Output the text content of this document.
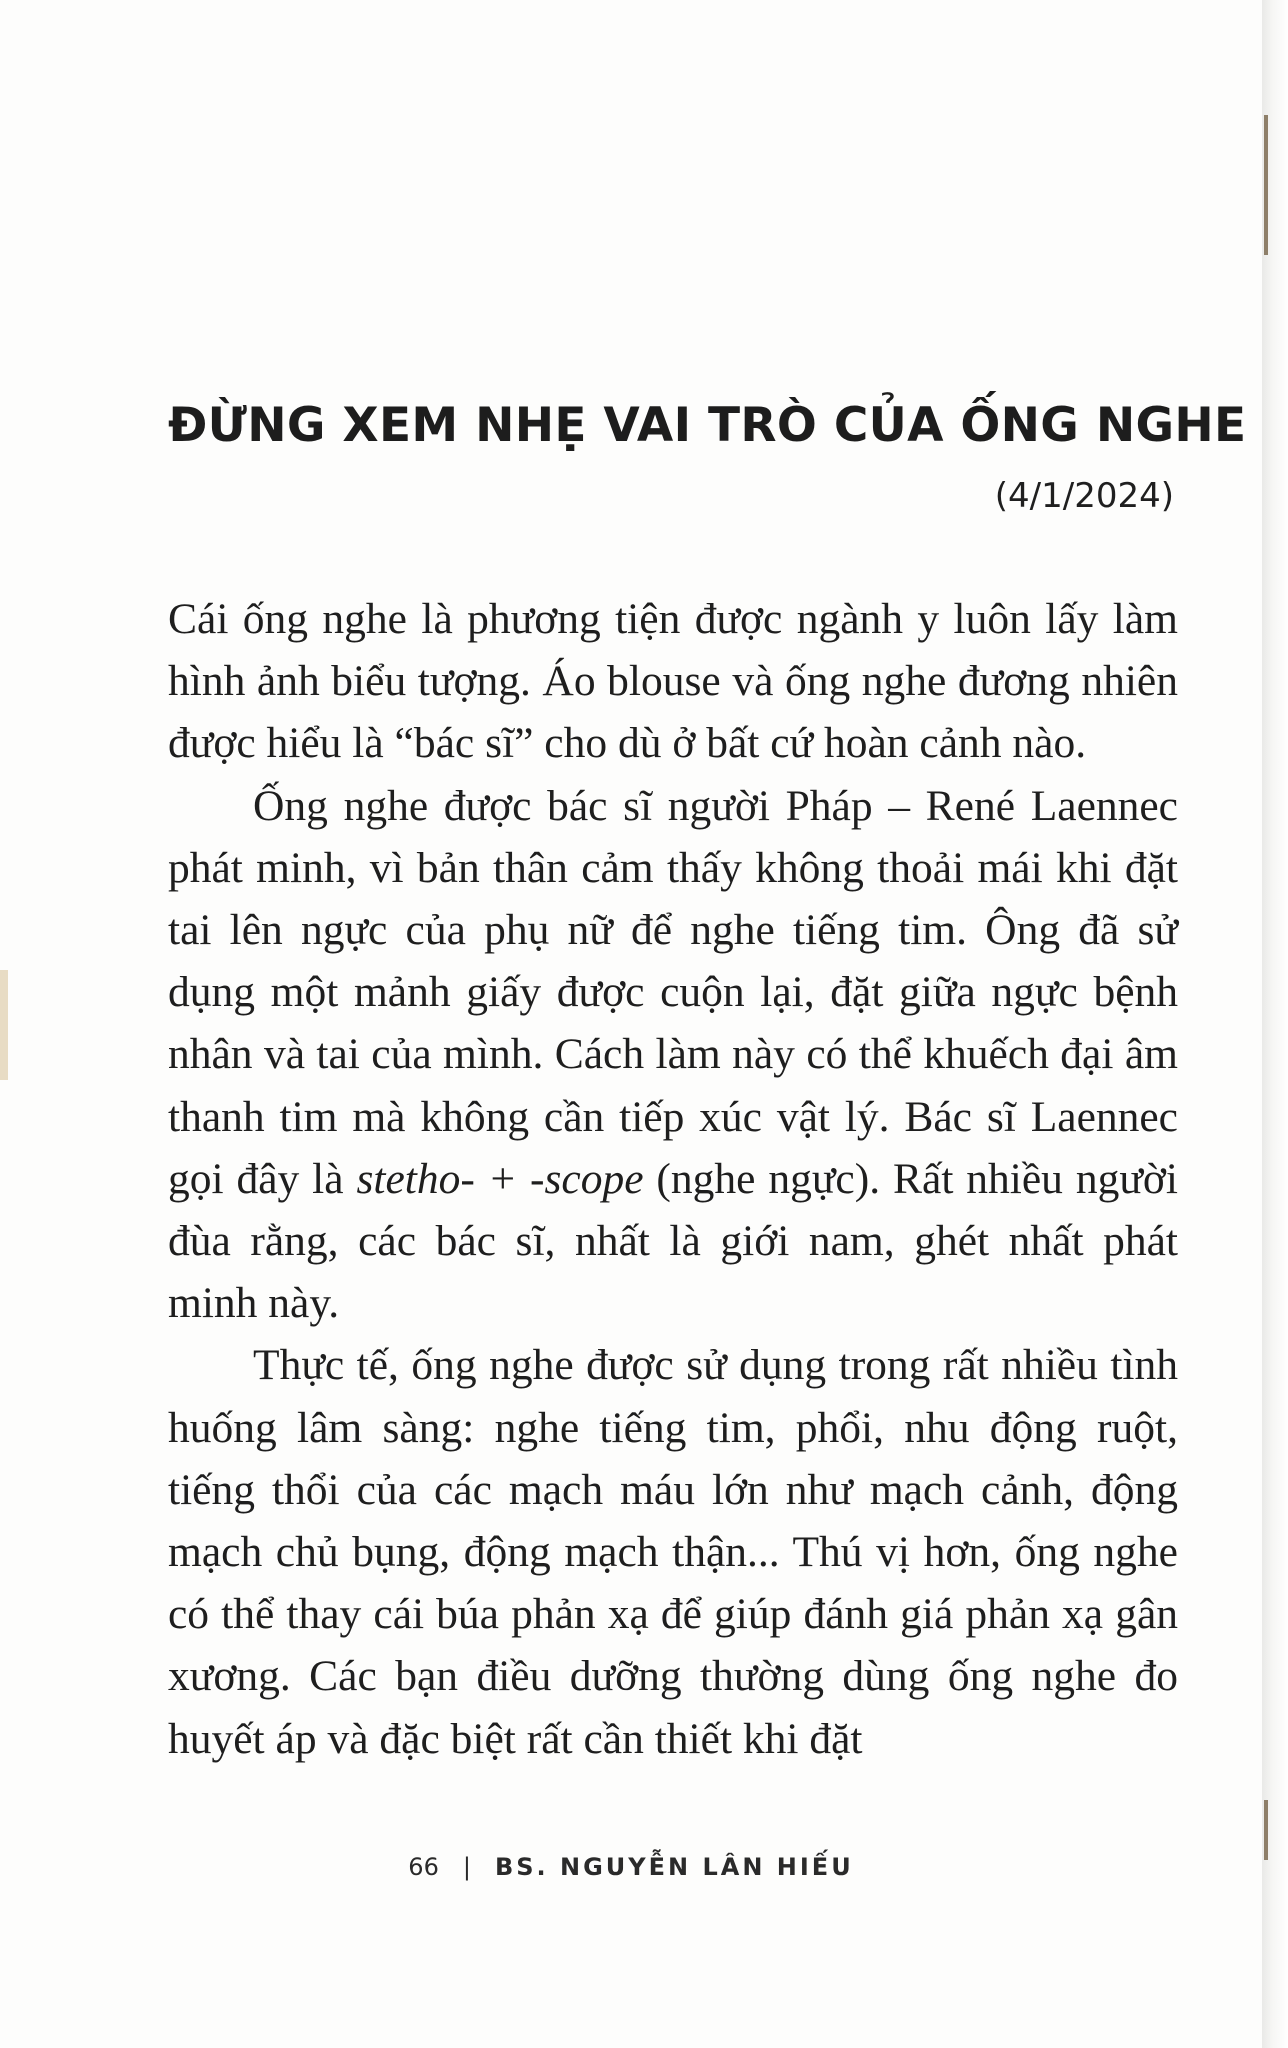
ĐỪNG XEM NHẸ VAI TRÒ CỦA ỐNG NGHE
(4/1/2024)

Cái ống nghe là phương tiện được ngành y luôn lấy làm hình ảnh biểu tượng. Áo blouse và ống nghe đương nhiên được hiểu là “bác sĩ” cho dù ở bất cứ hoàn cảnh nào.

Ống nghe được bác sĩ người Pháp – René Laennec phát minh, vì bản thân cảm thấy không thoải mái khi đặt tai lên ngực của phụ nữ để nghe tiếng tim. Ông đã sử dụng một mảnh giấy được cuộn lại, đặt giữa ngực bệnh nhân và tai của mình. Cách làm này có thể khuếch đại âm thanh tim mà không cần tiếp xúc vật lý. Bác sĩ Laennec gọi đây là stetho- + -scope (nghe ngực). Rất nhiều người đùa rằng, các bác sĩ, nhất là giới nam, ghét nhất phát minh này.

Thực tế, ống nghe được sử dụng trong rất nhiều tình huống lâm sàng: nghe tiếng tim, phổi, nhu động ruột, tiếng thổi của các mạch máu lớn như mạch cảnh, động mạch chủ bụng, động mạch thận... Thú vị hơn, ống nghe có thể thay cái búa phản xạ để giúp đánh giá phản xạ gân xương. Các bạn điều dưỡng thường dùng ống nghe đo huyết áp và đặc biệt rất cần thiết khi đặt

66 | BS. NGUYỄN LÂN HIẾU
